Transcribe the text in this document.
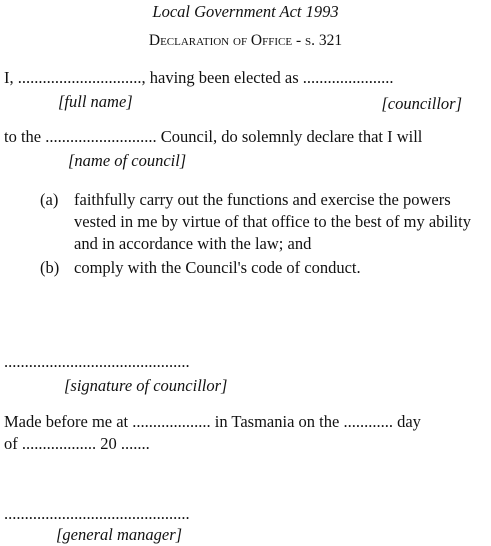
Local Government Act 1993
Declaration of Office - s. 321
I, .............................., having been elected as ......................
[full name]	[councillor]
to the ........................... Council, do solemnly declare that I will
[name of council]
(a) faithfully carry out the functions and exercise the powers
vested in me by virtue of that office to the best of my ability
and in accordance with the law; and
(b) comply with the Council's code of conduct.
.............................................
[signature of councillor]
Made before me at ................... in Tasmania on the ............ day
of .................. 20 .......
.............................................
[general manager]
